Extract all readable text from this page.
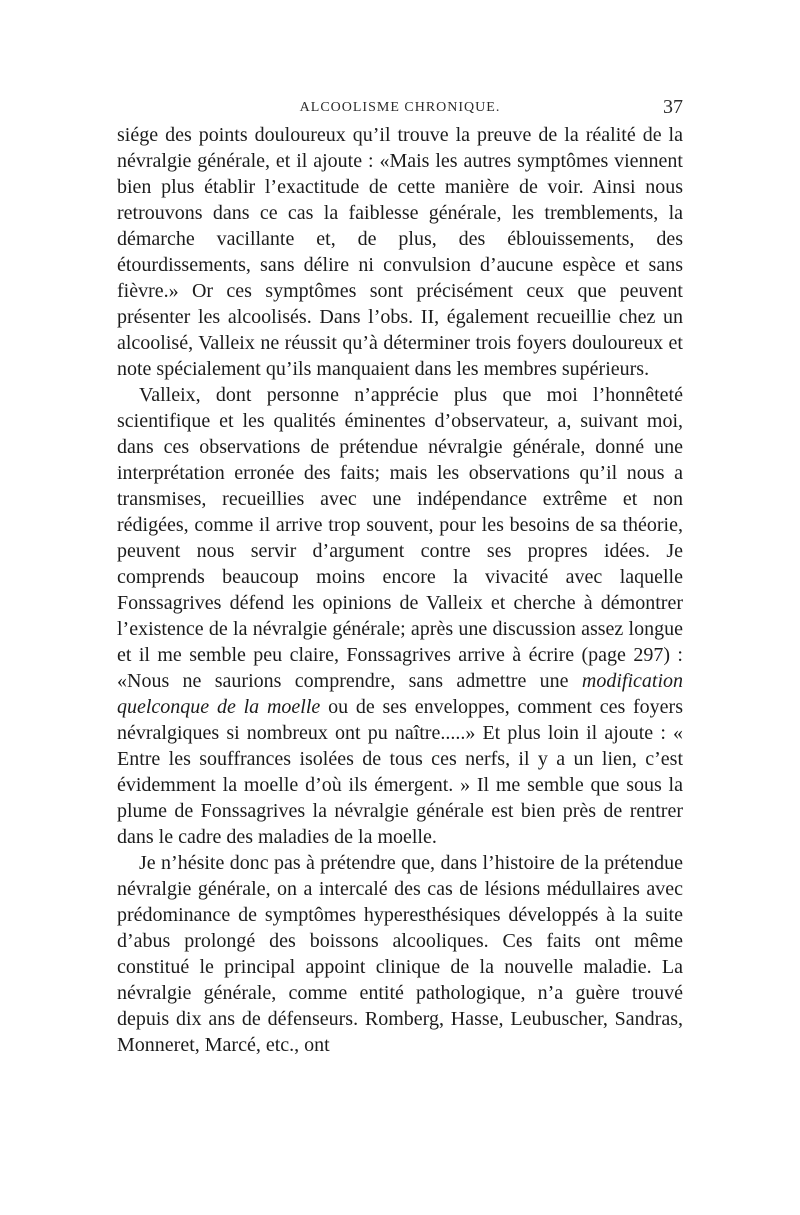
ALCOOLISME CHRONIQUE.	37

siége des points douloureux qu’il trouve la preuve de la réalité de la névralgie générale, et il ajoute : «Mais les autres symptômes viennent bien plus établir l’exactitude de cette manière de voir. Ainsi nous retrouvons dans ce cas la faiblesse générale, les tremblements, la démarche vacillante et, de plus, des éblouissements, des étourdissements, sans délire ni convulsion d’aucune espèce et sans fièvre.» Or ces symptômes sont précisément ceux que peuvent présenter les alcoolisés. Dans l’obs. II, également recueillie chez un alcoolisé, Valleix ne réussit qu’à déterminer trois foyers douloureux et note spécialement qu’ils manquaient dans les membres supérieurs.

Valleix, dont personne n’apprécie plus que moi l’honnêteté scientifique et les qualités éminentes d’observateur, a, suivant moi, dans ces observations de prétendue névralgie générale, donné une interprétation erronée des faits; mais les observations qu’il nous a transmises, recueillies avec une indépendance extrême et non rédigées, comme il arrive trop souvent, pour les besoins de sa théorie, peuvent nous servir d’argument contre ses propres idées. Je comprends beaucoup moins encore la vivacité avec laquelle Fonssagrives défend les opinions de Valleix et cherche à démontrer l’existence de la névralgie générale; après une discussion assez longue et il me semble peu claire, Fonssagrives arrive à écrire (page 297) : «Nous ne saurions comprendre, sans admettre une modification quelconque de la moelle ou de ses enveloppes, comment ces foyers névralgiques si nombreux ont pu naître.....» Et plus loin il ajoute : « Entre les souffrances isolées de tous ces nerfs, il y a un lien, c’est évidemment la moelle d’où ils émergent. » Il me semble que sous la plume de Fonssagrives la névralgie générale est bien près de rentrer dans le cadre des maladies de la moelle.

Je n’hésite donc pas à prétendre que, dans l’histoire de la prétendue névralgie générale, on a intercalé des cas de lésions médullaires avec prédominance de symptômes hyperesthésiques développés à la suite d’abus prolongé des boissons alcooliques. Ces faits ont même constitué le principal appoint clinique de la nouvelle maladie. La névralgie générale, comme entité pathologique, n’a guère trouvé depuis dix ans de défenseurs. Romberg, Hasse, Leubuscher, Sandras, Monneret, Marcé, etc., ont
